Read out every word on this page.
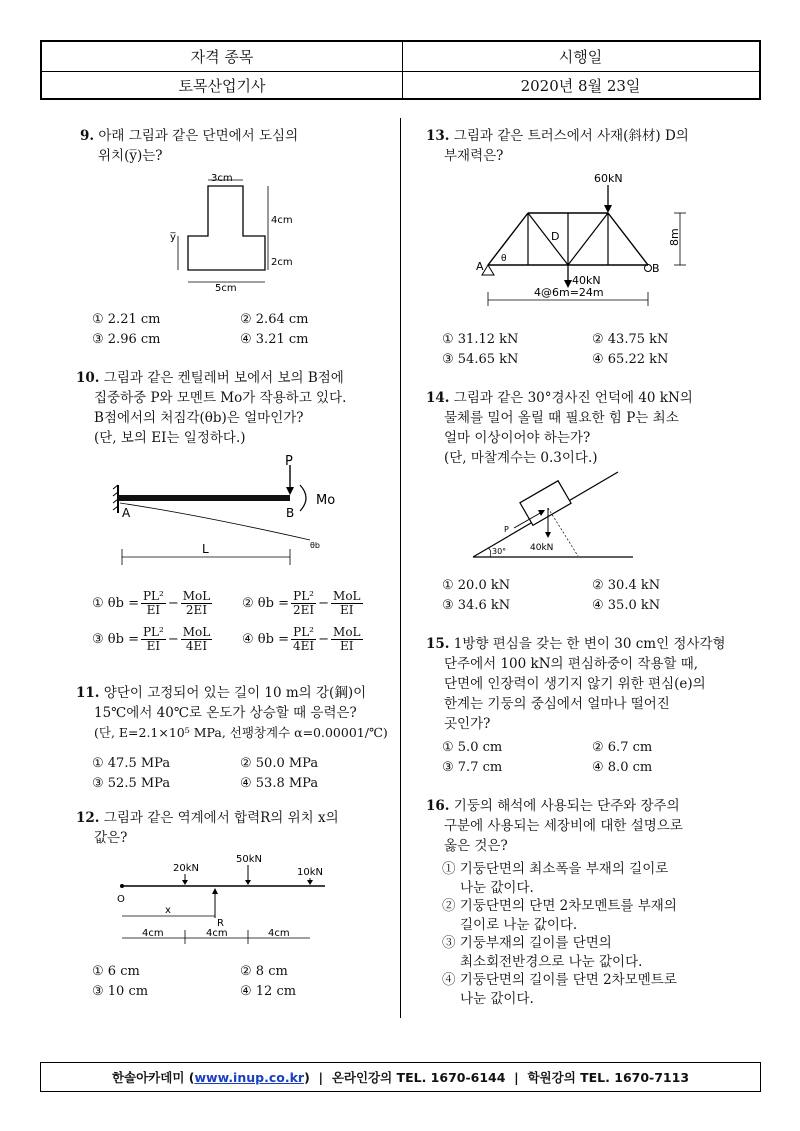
자격 종목	시행일
토목산업기사	2020년 8월 23일
9. 아래 그림과 같은 단면에서 도심의
위치(y̅)는?
3cm
4cm
2cm
y̅
5cm
① 2.21 cm	② 2.64 cm
③ 2.96 cm	④ 3.21 cm
10. 그림과 같은 켄틸레버 보에서 보의 B점에
집중하중 P와 모멘트 Mo가 작용하고 있다.
B점에서의 처짐각(θb)은 얼마인가?
(단, 보의 EI는 일정하다.)
P
Mo
A	B
L	θb
①
$\theta b = \frac{\text{PL²}}{EI} - \frac{\text{MoL}}{2EI}$ ②
$\theta b = \frac{\text{PL²}}{2EI} - \frac{\text{MoL}}{EI}$
③
$\theta b = \frac{\text{PL²}}{EI} - \frac{\text{MoL}}{4EI}$ ④
$\theta b = \frac{\text{PL²}}{4EI} - \frac{\text{MoL}}{EI}$
11. 양단이 고정되어 있는 길이 10 m의 강(鋼)이
15℃에서 40℃로 온도가 상승할 때 응력은?
(단, E=2.1×10⁵ MPa, 선팽창계수 α=0.00001/℃)
① 47.5 MPa	② 50.0 MPa
③ 52.5 MPa	④ 53.8 MPa
12. 그림과 같은 역계에서 합력R의 위치 x의
값은?
O
20kN
50kN
10kN
R
x
4cm	4cm	4cm
① 6 cm	② 8 cm
③ 10 cm	④ 12 cm
13. 그림과 같은 트러스에서 사재(斜材) D의
부재력은?
60kN
40kN
D
θ
A	B
8m
4@6m=24m
① 31.12 kN	② 43.75 kN
③ 54.65 kN	④ 65.22 kN
14. 그림과 같은 30°경사진 언덕에 40 kN의
물체를 밀어 올릴 때 필요한 힘 P는 최소
얼마 이상이어야 하는가?
(단, 마찰계수는 0.3이다.)
P
40kN
30°
① 20.0 kN	② 30.4 kN
③ 34.6 kN	④ 35.0 kN
15. 1방향 편심을 갖는 한 변이 30 cm인 정사각형
단주에서 100 kN의 편심하중이 작용할 때,
단면에 인장력이 생기지 않기 위한 편심(e)의
한계는 기둥의 중심에서 얼마나 떨어진
곳인가?
① 5.0 cm	② 6.7 cm
③ 7.7 cm	④ 8.0 cm
16. 기둥의 해석에 사용되는 단주와 장주의
구분에 사용되는 세장비에 대한 설명으로
옳은 것은?
① 기둥단면의 최소폭을 부재의 길이로
나눈 값이다.
② 기둥단면의 단면 2차모멘트를 부재의
길이로 나눈 값이다.
③ 기둥부재의 길이를 단면의
최소회전반경으로 나눈 값이다.
④ 기둥단면의 길이를 단면 2차모멘트로
나눈 값이다.
한솔아카데미 ( www.inup.co.kr )
|
온라인강의 TEL. 1670-6144
|
학원강의 TEL. 1670-7113
